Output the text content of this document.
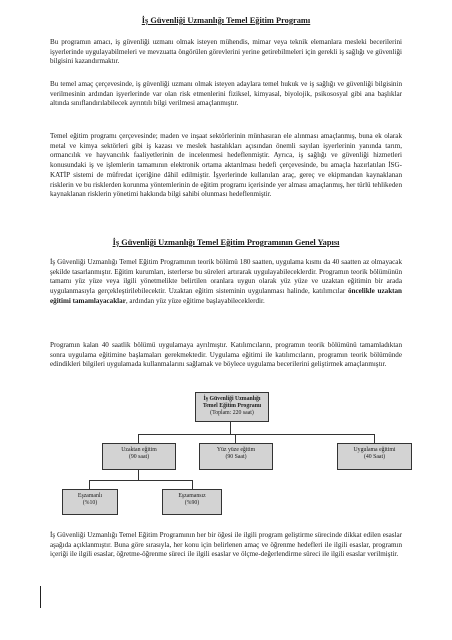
İş Güvenliği Uzmanlığı Temel Eğitim Programı

Bu programın amacı, iş güvenliği uzmanı olmak isteyen mühendis, mimar veya teknik elemanlara mesleki becerilerini işyerlerinde uygulayabilmeleri ve mevzuatta öngörülen görevlerini yerine getirebilmeleri için gerekli iş sağlığı ve güvenliği bilgisini kazandırmaktır.

Bu temel amaç çerçevesinde, iş güvenliği uzmanı olmak isteyen adaylara temel hukuk ve iş sağlığı ve güvenliği bilgisinin verilmesinin ardından işyerlerinde var olan risk etmenlerini fiziksel, kimyasal, biyolojik, psikososyal gibi ana başlıklar altında sınıflandırılabilecek ayrıntılı bilgi verilmesi amaçlanmıştır.

Temel eğitim programı çerçevesinde; maden ve inşaat sektörlerinin münhasıran ele alınması amaçlanmış, buna ek olarak metal ve kimya sektörleri gibi iş kazası ve meslek hastalıkları açısından önemli sayılan işyerlerinin yanında tarım, ormancılık ve hayvancılık faaliyetlerinin de incelenmesi hedeflenmiştir. Ayrıca, iş sağlığı ve güvenliği hizmetleri konusundaki iş ve işlemlerin tamamının elektronik ortama aktarılması hedefi çerçevesinde, bu amaçla hazırlatılan İSG-KATİP sistemi de müfredat içeriğine dâhil edilmiştir. İşyerlerinde kullanılan araç, gereç ve ekipmandan kaynaklanan risklerin ve bu risklerden korunma yöntemlerinin de eğitim programı içerisinde yer alması amaçlanmış, her türlü tehlikeden kaynaklanan risklerin yönetimi hakkında bilgi sahibi olunması hedeflenmiştir.

İş Güvenliği Uzmanlığı Temel Eğitim Programının Genel Yapısı

İş Güvenliği Uzmanlığı Temel Eğitim Programının teorik bölümü 180 saatten, uygulama kısmı da 40 saatten az olmayacak şekilde tasarlanmıştır. Eğitim kurumları, isterlerse bu süreleri artırarak uygulayabileceklerdir. Programın teorik bölümünün tamamı yüz yüze veya ilgili yönetmelikte belirtilen oranlara uygun olarak yüz yüze ve uzaktan eğitimin bir arada uygulanmasıyla gerçekleştirilebilecektir. Uzaktan eğitim sisteminin uygulanması halinde, katılımcılar öncelikle uzaktan eğitimi tamamlayacaklar, ardından yüz yüze eğitime başlayabileceklerdir.

Programın kalan 40 saatlik bölümü uygulamaya ayrılmıştır. Katılımcıların, programın teorik bölümünü tamamladıktan sonra uygulama eğitimine başlamaları gerekmektedir. Uygulama eğitimi ile katılımcıların, programın teorik bölümünde edindikleri bilgileri uygulamada kullanmalarını sağlamak ve böylece uygulama becerilerini geliştirmek amaçlanmıştır.

İş Güvenliği Uzmanlığı
Temel Eğitim Programı
(Toplam: 220 saat)
Uzaktan eğitim
(90 saat)
Yüz yüze eğitim
(90 Saat)
Uygulama eğitimi
(40 Saat)
Eşzamanlı
(%10)
Eşzamansız
(%90)

İş Güvenliği Uzmanlığı Temel Eğitim Programının her bir öğesi ile ilgili program geliştirme sürecinde dikkat edilen esaslar aşağıda açıklanmıştır. Buna göre sırasıyla, her konu için belirlenen amaç ve öğrenme hedefleri ile ilgili esaslar, programın içeriği ile ilgili esaslar, öğretme-öğrenme süreci ile ilgili esaslar ve ölçme-değerlendirme süreci ile ilgili esaslar verilmiştir.
